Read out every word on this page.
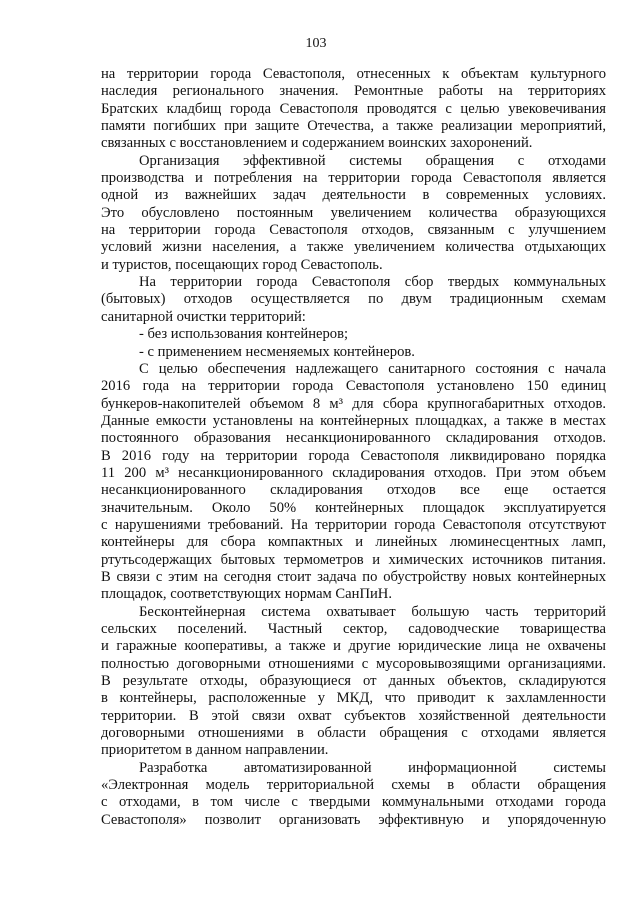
103
на территории города Севастополя, отнесенных к объектам культурного
наследия регионального значения. Ремонтные работы на территориях
Братских кладбищ города Севастополя проводятся с целью увековечивания
памяти погибших при защите Отечества, а также реализации мероприятий,
связанных с восстановлением и содержанием воинских захоронений.
Организация эффективной системы обращения с отходами
производства и потребления на территории города Севастополя является
одной из важнейших задач деятельности в современных условиях.
Это обусловлено постоянным увеличением количества образующихся
на территории города Севастополя отходов, связанным с улучшением
условий жизни населения, а также увеличением количества отдыхающих
и туристов, посещающих город Севастополь.
На территории города Севастополя сбор твердых коммунальных
(бытовых) отходов осуществляется по двум традиционным схемам
санитарной очистки территорий:
- без использования контейнеров;
- с применением несменяемых контейнеров.
С целью обеспечения надлежащего санитарного состояния с начала
2016 года на территории города Севастополя установлено 150 единиц
бункеров-накопителей объемом 8 м³ для сбора крупногабаритных отходов.
Данные емкости установлены на контейнерных площадках, а также в местах
постоянного образования несанкционированного складирования отходов.
В 2016 году на территории города Севастополя ликвидировано порядка
11 200 м³ несанкционированного складирования отходов. При этом объем
несанкционированного складирования отходов все еще остается
значительным. Около 50% контейнерных площадок эксплуатируется
с нарушениями требований. На территории города Севастополя отсутствуют
контейнеры для сбора компактных и линейных люминесцентных ламп,
ртутьсодержащих бытовых термометров и химических источников питания.
В связи с этим на сегодня стоит задача по обустройству новых контейнерных
площадок, соответствующих нормам СанПиН.
Бесконтейнерная система охватывает большую часть территорий
сельских поселений. Частный сектор, садоводческие товарищества
и гаражные кооперативы, а также и другие юридические лица не охвачены
полностью договорными отношениями с мусоровывозящими организациями.
В результате отходы, образующиеся от данных объектов, складируются
в контейнеры, расположенные у МКД, что приводит к захламленности
территории. В этой связи охват субъектов хозяйственной деятельности
договорными отношениями в области обращения с отходами является
приоритетом в данном направлении.
Разработка автоматизированной информационной системы
«Электронная модель территориальной схемы в области обращения
с отходами, в том числе с твердыми коммунальными отходами города
Севастополя» позволит организовать эффективную и упорядоченную
